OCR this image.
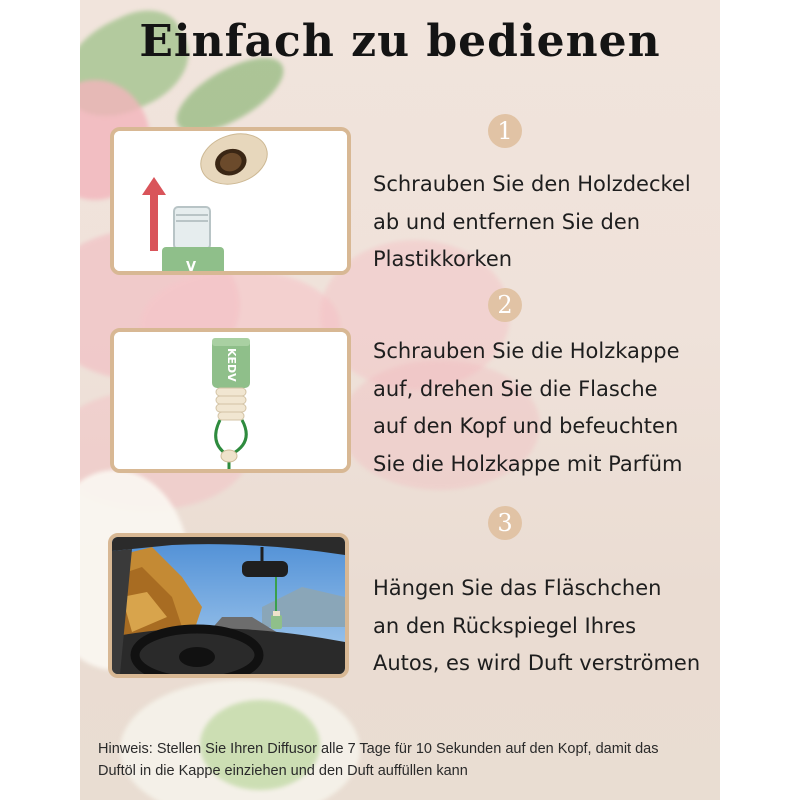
Einfach zu bedienen
V
KEDV
1
2
3
Schrauben Sie den Holzdeckel
ab und entfernen Sie den
Plastikkorken
Schrauben Sie die Holzkappe
auf, drehen Sie die Flasche
auf den Kopf und befeuchten
Sie die Holzkappe mit Parfüm
Hängen Sie das Fläschchen
an den Rückspiegel Ihres
Autos, es wird Duft verströmen
Hinweis: Stellen Sie Ihren Diffusor alle 7 Tage für 10 Sekunden auf den Kopf, damit das
Duftöl in die Kappe einziehen und den Duft auffüllen kann
